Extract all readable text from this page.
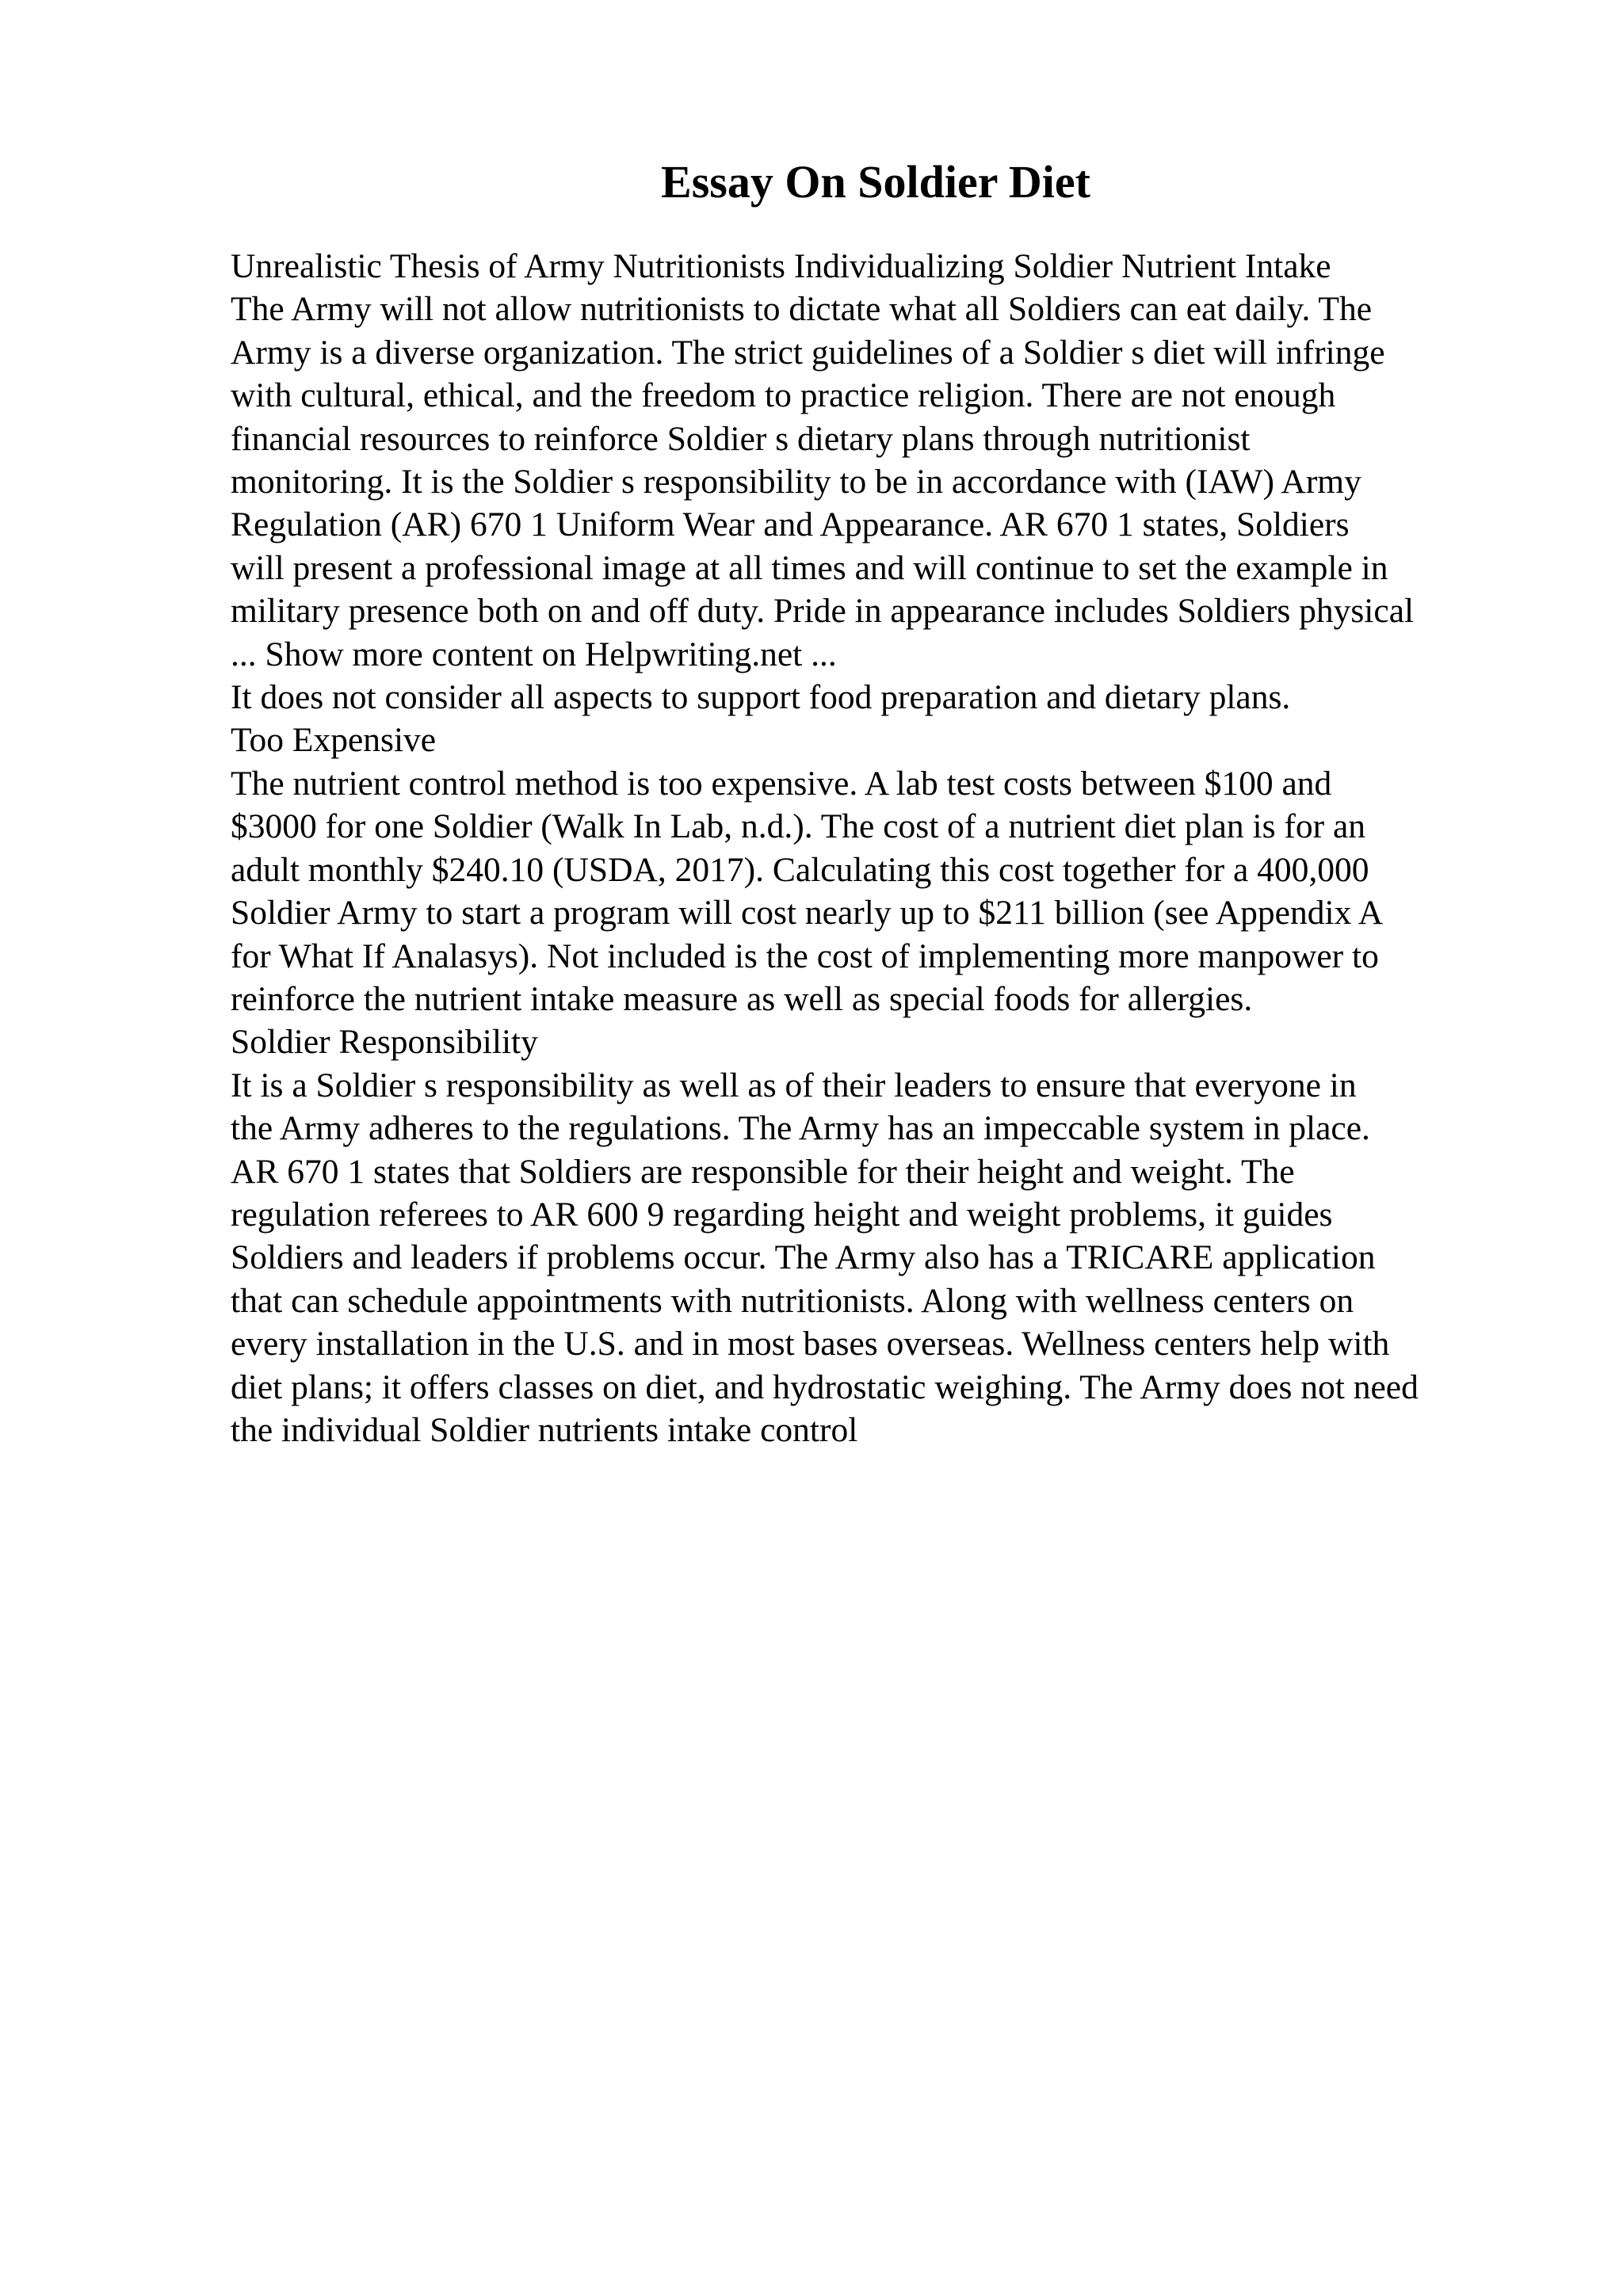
Essay On Soldier Diet
Unrealistic Thesis of Army Nutritionists Individualizing Soldier Nutrient Intake
The Army will not allow nutritionists to dictate what all Soldiers can eat daily. The
Army is a diverse organization. The strict guidelines of a Soldier s diet will infringe
with cultural, ethical, and the freedom to practice religion. There are not enough
financial resources to reinforce Soldier s dietary plans through nutritionist
monitoring. It is the Soldier s responsibility to be in accordance with (IAW) Army
Regulation (AR) 670 1 Uniform Wear and Appearance. AR 670 1 states, Soldiers
will present a professional image at all times and will continue to set the example in
military presence both on and off duty. Pride in appearance includes Soldiers physical
... Show more content on Helpwriting.net ...
It does not consider all aspects to support food preparation and dietary plans.
Too Expensive
The nutrient control method is too expensive. A lab test costs between $100 and
$3000 for one Soldier (Walk In Lab, n.d.). The cost of a nutrient diet plan is for an
adult monthly $240.10 (USDA, 2017). Calculating this cost together for a 400,000
Soldier Army to start a program will cost nearly up to $211 billion (see Appendix A
for What If Analasys). Not included is the cost of implementing more manpower to
reinforce the nutrient intake measure as well as special foods for allergies.
Soldier Responsibility
It is a Soldier s responsibility as well as of their leaders to ensure that everyone in
the Army adheres to the regulations. The Army has an impeccable system in place.
AR 670 1 states that Soldiers are responsible for their height and weight. The
regulation referees to AR 600 9 regarding height and weight problems, it guides
Soldiers and leaders if problems occur. The Army also has a TRICARE application
that can schedule appointments with nutritionists. Along with wellness centers on
every installation in the U.S. and in most bases overseas. Wellness centers help with
diet plans; it offers classes on diet, and hydrostatic weighing. The Army does not need
the individual Soldier nutrients intake control
